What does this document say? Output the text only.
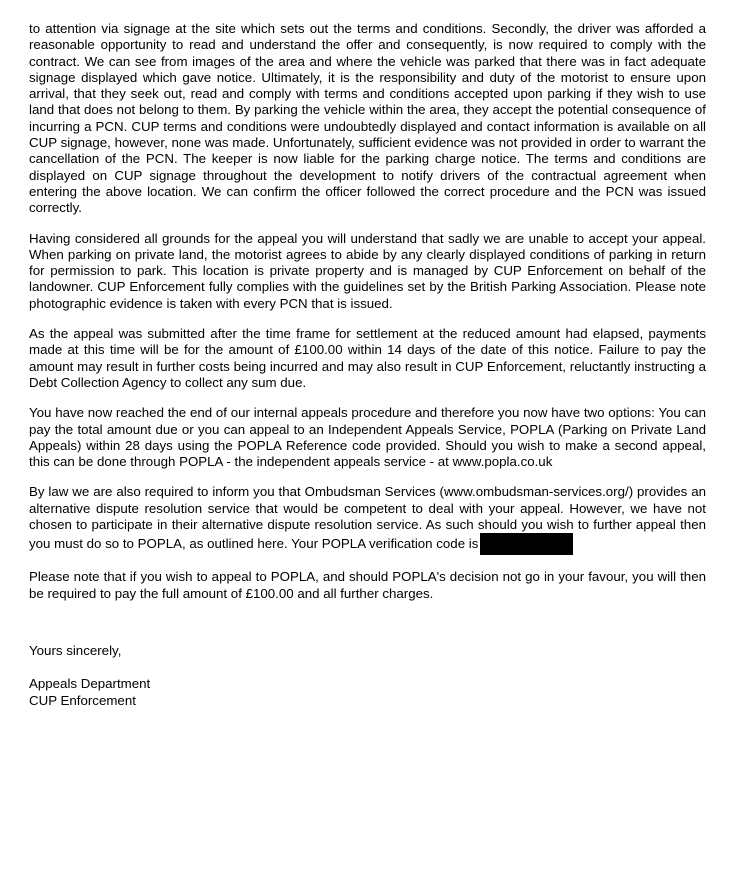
to attention via signage at the site which sets out the terms and conditions. Secondly, the driver was afforded a reasonable opportunity to read and understand the offer and consequently, is now required to comply with the contract. We can see from images of the area and where the vehicle was parked that there was in fact adequate signage displayed which gave notice. Ultimately, it is the responsibility and duty of the motorist to ensure upon arrival, that they seek out, read and comply with terms and conditions accepted upon parking if they wish to use land that does not belong to them. By parking the vehicle within the area, they accept the potential consequence of incurring a PCN. CUP terms and conditions were undoubtedly displayed and contact information is available on all CUP signage, however, none was made. Unfortunately, sufficient evidence was not provided in order to warrant the cancellation of the PCN. The keeper is now liable for the parking charge notice. The terms and conditions are displayed on CUP signage throughout the development to notify drivers of the contractual agreement when entering the above location. We can confirm the officer followed the correct procedure and the PCN was issued correctly.

Having considered all grounds for the appeal you will understand that sadly we are unable to accept your appeal. When parking on private land, the motorist agrees to abide by any clearly displayed conditions of parking in return for permission to park. This location is private property and is managed by CUP Enforcement on behalf of the landowner. CUP Enforcement fully complies with the guidelines set by the British Parking Association. Please note photographic evidence is taken with every PCN that is issued.

As the appeal was submitted after the time frame for settlement at the reduced amount had elapsed, payments made at this time will be for the amount of £100.00 within 14 days of the date of this notice. Failure to pay the amount may result in further costs being incurred and may also result in CUP Enforcement, reluctantly instructing a Debt Collection Agency to collect any sum due.

You have now reached the end of our internal appeals procedure and therefore you now have two options: You can pay the total amount due or you can appeal to an Independent Appeals Service, POPLA (Parking on Private Land Appeals) within 28 days using the POPLA Reference code provided. Should you wish to make a second appeal, this can be done through POPLA - the independent appeals service - at www.popla.co.uk

By law we are also required to inform you that Ombudsman Services (www.ombudsman-services.org/) provides an alternative dispute resolution service that would be competent to deal with your appeal. However, we have not chosen to participate in their alternative dispute resolution service. As such should you wish to further appeal then you must do so to POPLA, as outlined here. Your POPLA verification code is

Please note that if you wish to appeal to POPLA, and should POPLA's decision not go in your favour, you will then be required to pay the full amount of £100.00 and all further charges.

Yours sincerely,

Appeals Department

CUP Enforcement
